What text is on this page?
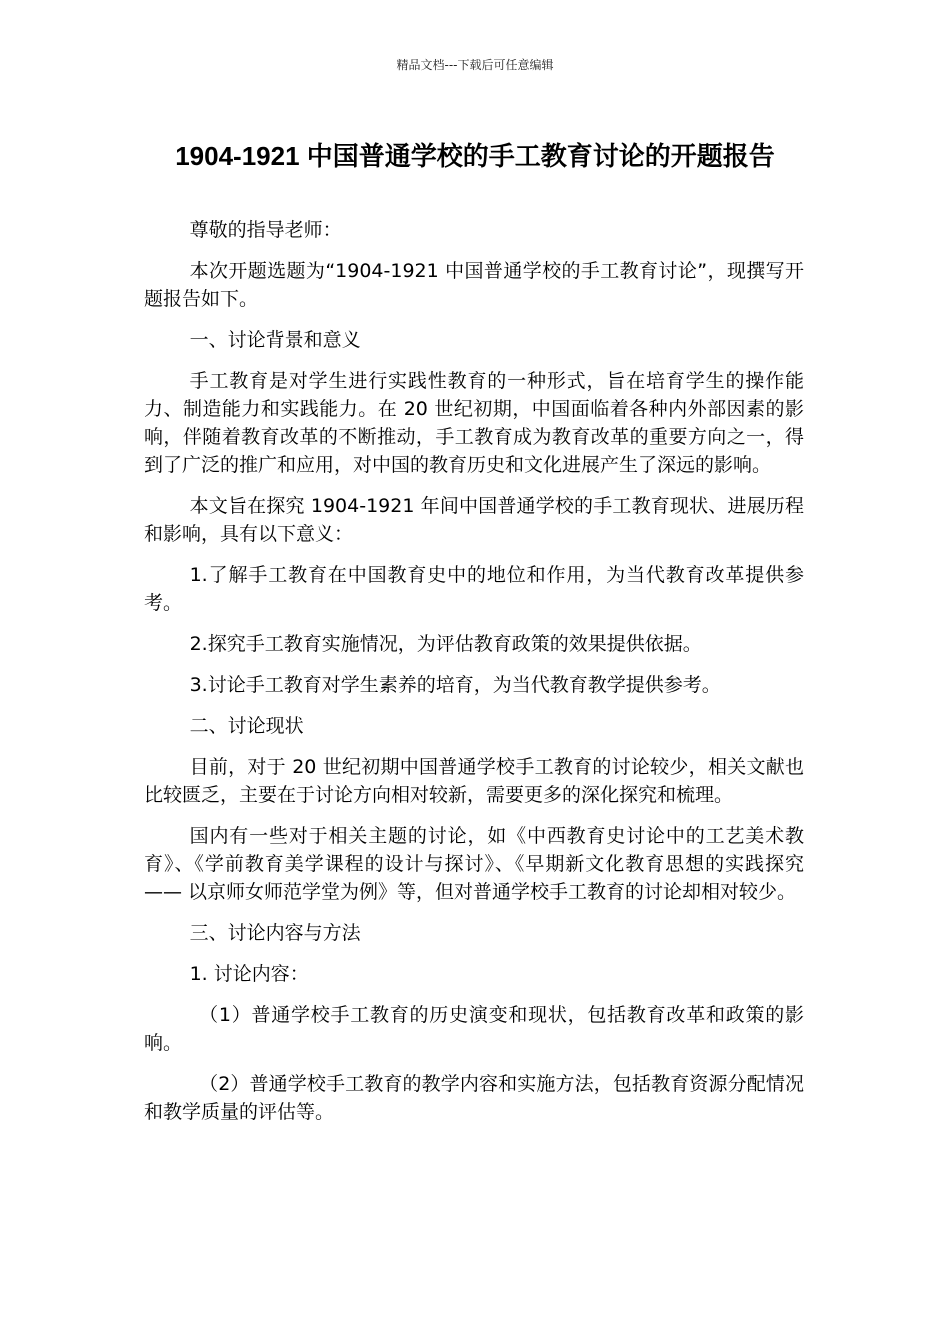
精品文档---下载后可任意编辑
1904-1921 中国普通学校的手工教育讨论的开题报告

尊敬的指导老师：

本次开题选题为“1904-1921 中国普通学校的手工教育讨论”，现撰写开题报告如下。

一、讨论背景和意义

手工教育是对学生进行实践性教育的一种形式，旨在培育学生的操作能力、制造能力和实践能力。在 20 世纪初期，中国面临着各种内外部因素的影响，伴随着教育改革的不断推动，手工教育成为教育改革的重要方向之一，得到了广泛的推广和应用，对中国的教育历史和文化进展产生了深远的影响。

本文旨在探究 1904-1921 年间中国普通学校的手工教育现状、进展历程和影响，具有以下意义：

1.了解手工教育在中国教育史中的地位和作用，为当代教育改革提供参考。

2.探究手工教育实施情况，为评估教育政策的效果提供依据。

3.讨论手工教育对学生素养的培育，为当代教育教学提供参考。

二、讨论现状

目前，对于 20 世纪初期中国普通学校手工教育的讨论较少，相关文献也比较匮乏，主要在于讨论方向相对较新，需要更多的深化探究和梳理。

国内有一些对于相关主题的讨论，如《中西教育史讨论中的工艺美术教育》、《学前教育美学课程的设计与探讨》、《早期新文化教育思想的实践探究 —— 以京师女师范学堂为例》等，但对普通学校手工教育的讨论却相对较少。

三、讨论内容与方法

1. 讨论内容：

（1）普通学校手工教育的历史演变和现状，包括教育改革和政策的影响。

（2）普通学校手工教育的教学内容和实施方法，包括教育资源分配情况和教学质量的评估等。
